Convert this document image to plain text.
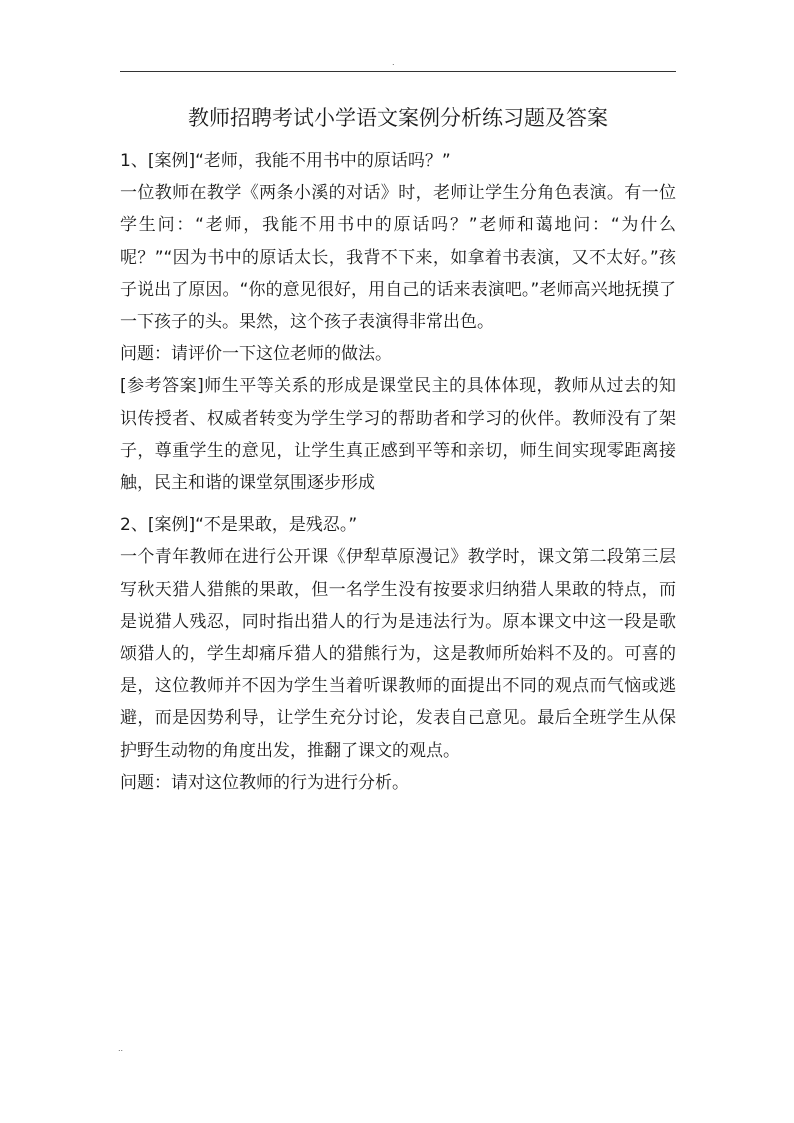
.
教师招聘考试小学语文案例分析练习题及答案

1、[案例]“老师，我能不用书中的原话吗？”

一位教师在教学《两条小溪的对话》时，老师让学生分角色表演。有一位学生问：“老师，我能不用书中的原话吗？”老师和蔼地问：“为什么呢？”“因为书中的原话太长，我背不下来，如拿着书表演，又不太好。”孩子说出了原因。“你的意见很好，用自己的话来表演吧。”老师高兴地抚摸了一下孩子的头。果然，这个孩子表演得非常出色。

问题：请评价一下这位老师的做法。

[参考答案]师生平等关系的形成是课堂民主的具体体现，教师从过去的知识传授者、权威者转变为学生学习的帮助者和学习的伙伴。教师没有了架子，尊重学生的意见，让学生真正感到平等和亲切，师生间实现零距离接触，民主和谐的课堂氛围逐步形成

2、[案例]“不是果敢，是残忍。”

一个青年教师在进行公开课《伊犁草原漫记》教学时，课文第二段第三层写秋天猎人猎熊的果敢，但一名学生没有按要求归纳猎人果敢的特点，而是说猎人残忍，同时指出猎人的行为是违法行为。原本课文中这一段是歌颂猎人的，学生却痛斥猎人的猎熊行为，这是教师所始料不及的。可喜的是，这位教师并不因为学生当着听课教师的面提出不同的观点而气恼或逃避，而是因势利导，让学生充分讨论，发表自己意见。最后全班学生从保护野生动物的角度出发，推翻了课文的观点。

问题：请对这位教师的行为进行分析。

..
